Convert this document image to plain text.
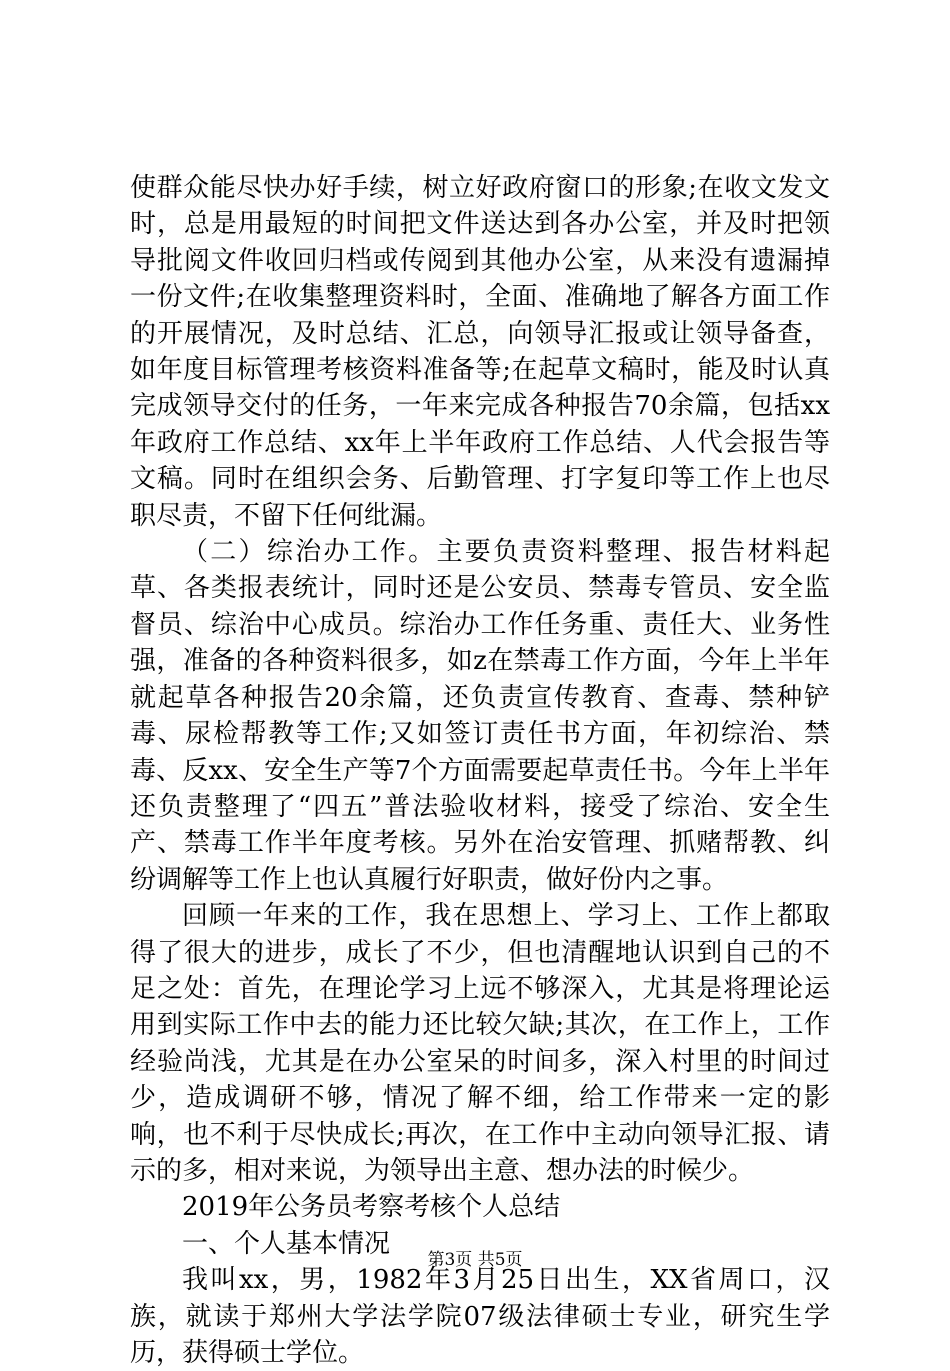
使群众能尽快办好手续，树立好政府窗口的形象;在收文发文时，总是用最短的时间把文件送达到各办公室，并及时把领导批阅文件收回归档或传阅到其他办公室，从来没有遗漏掉一份文件;在收集整理资料时，全面、准确地了解各方面工作的开展情况，及时总结、汇总，向领导汇报或让领导备查，如年度目标管理考核资料准备等;在起草文稿时，能及时认真完成领导交付的任务，一年来完成各种报告70余篇，包括xx年政府工作总结、xx年上半年政府工作总结、人代会报告等文稿。同时在组织会务、后勤管理、打字复印等工作上也尽职尽责，不留下任何纰漏。

（二）综治办工作。主要负责资料整理、报告材料起草、各类报表统计，同时还是公安员、禁毒专管员、安全监督员、综治中心成员。综治办工作任务重、责任大、业务性强，准备的各种资料很多，如z在禁毒工作方面，今年上半年就起草各种报告20余篇，还负责宣传教育、查毒、禁种铲毒、尿检帮教等工作;又如签订责任书方面，年初综治、禁毒、反xx、安全生产等7个方面需要起草责任书。今年上半年还负责整理了“四五”普法验收材料，接受了综治、安全生产、禁毒工作半年度考核。另外在治安管理、抓赌帮教、纠纷调解等工作上也认真履行好职责，做好份内之事。

回顾一年来的工作，我在思想上、学习上、工作上都取得了很大的进步，成长了不少，但也清醒地认识到自己的不足之处：首先，在理论学习上远不够深入，尤其是将理论运用到实际工作中去的能力还比较欠缺;其次，在工作上，工作经验尚浅，尤其是在办公室呆的时间多，深入村里的时间过少，造成调研不够，情况了解不细，给工作带来一定的影响，也不利于尽快成长;再次，在工作中主动向领导汇报、请示的多，相对来说，为领导出主意、想办法的时候少。

2019年公务员考察考核个人总结

一、个人基本情况

我叫xx，男，1982年3月25日出生，XX省周口，汉族，就读于郑州大学法学院07级法律硕士专业，研究生学历，获得硕士学位。

第3页 共5页
